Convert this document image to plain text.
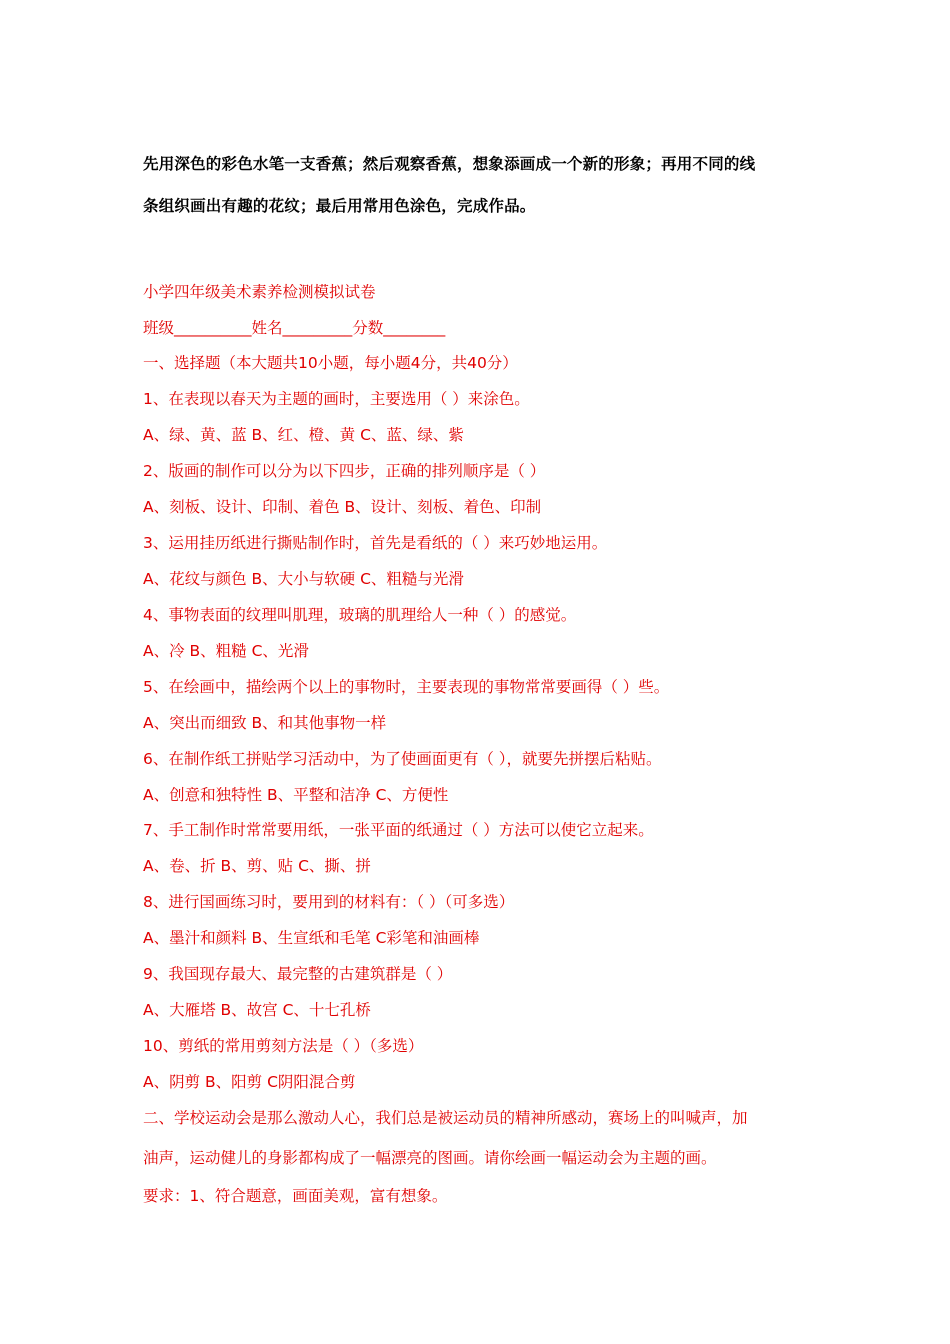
先用深色的彩色水笔一支香蕉；然后观察香蕉，想象添画成一个新的形象；再用不同的线
条组织画出有趣的花纹；最后用常用色涂色，完成作品。
小学四年级美术素养检测模拟试卷
班级__________姓名_________分数________
一、选择题（本大题共10小题，每小题4分，共40分）
1、在表现以春天为主题的画时，主要选用（ ）来涂色。
A、绿、黄、蓝 B、红、橙、黄 C、蓝、绿、紫
2、版画的制作可以分为以下四步，正确的排列顺序是（ ）
A、刻板、设计、印制、着色 B、设计、刻板、着色、印制
3、运用挂历纸进行撕贴制作时，首先是看纸的（ ）来巧妙地运用。
A、花纹与颜色 B、大小与软硬 C、粗糙与光滑
4、事物表面的纹理叫肌理，玻璃的肌理给人一种（ ）的感觉。
A、冷 B、粗糙 C、光滑
5、在绘画中，描绘两个以上的事物时，主要表现的事物常常要画得（ ）些。
A、突出而细致 B、和其他事物一样
6、在制作纸工拼贴学习活动中，为了使画面更有（ ），就要先拼摆后粘贴。
A、创意和独特性 B、平整和洁净 C、方便性
7、手工制作时常常要用纸，一张平面的纸通过（ ）方法可以使它立起来。
A、卷、折 B、剪、贴 C、撕、拼
8、进行国画练习时，要用到的材料有：（ ）（可多选）
A、墨汁和颜料 B、生宣纸和毛笔 C彩笔和油画棒
9、我国现存最大、最完整的古建筑群是（ ）
A、大雁塔 B、故宫 C、十七孔桥
10、剪纸的常用剪刻方法是（ ）（多选）
A、阴剪 B、阳剪 C阴阳混合剪
二、学校运动会是那么激动人心，我们总是被运动员的精神所感动，赛场上的叫喊声，加
油声，运动健儿的身影都构成了一幅漂亮的图画。请你绘画一幅运动会为主题的画。
要求：1、符合题意，画面美观，富有想象。
